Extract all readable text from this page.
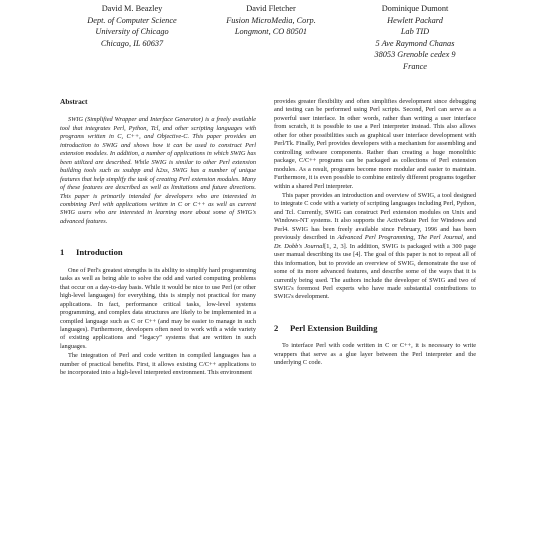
David M. Beazley
Dept. of Computer Science
University of Chicago
Chicago, IL 60637
David Fletcher
Fusion MicroMedia, Corp.
Longmont, CO 80501
Dominique Dumont
Hewlett Packard
Lab TID
5 Ave Raymond Chanas
38053 Grenoble cedex 9
France
Abstract

SWIG (Simplified Wrapper and Interface Generator) is a freely available tool that integrates Perl, Python, Tcl, and other scripting languages with programs written in C, C++, and Objective-C. This paper provides an introduction to SWIG and shows how it can be used to construct Perl extension modules. In addition, a number of applications in which SWIG has been utilized are described. While SWIG is similar to other Perl extension building tools such as xsubpp and h2xs, SWIG has a number of unique features that help simplify the task of creating Perl extension modules. Many of these features are described as well as limitations and future directions. This paper is primarily intended for developers who are interested in combining Perl with applications written in C or C++ as well as current SWIG users who are interested in learning more about some of SWIG's advanced features.

1 Introduction

One of Perl's greatest strengths is its ability to simplify hard programming tasks as well as being able to solve the odd and varied computing problems that occur on a day-to-day basis. While it would be nice to use Perl (or other high-level languages) for everything, this is simply not practical for many applications. In fact, performance critical tasks, low-level systems programming, and complex data structures are likely to be implemented in a compiled language such as C or C++ (and may be easier to manage in such languages). Furthermore, developers often need to work with a wide variety of existing applications and “legacy” systems that are written in such languages.

The integration of Perl and code written in compiled languages has a number of practical benefits. First, it allows existing C/C++ applications to be incorporated into a high-level interpreted environment. This environment

provides greater flexibility and often simplifies development since debugging and testing can be performed using Perl scripts. Second, Perl can serve as a powerful user interface. In other words, rather than writing a user interface from scratch, it is possible to use a Perl interpreter instead. This also allows other for other possibilities such as graphical user interface development with Perl/Tk. Finally, Perl provides developers with a mechanism for assembling and controlling software components. Rather than creating a huge monolithic package, C/C++ programs can be packaged as collections of Perl extension modules. As a result, programs become more modular and easier to maintain. Furthermore, it is even possible to combine entirely different programs together within a shared Perl interpreter.

This paper provides an introduction and overview of SWIG, a tool designed to integrate C code with a variety of scripting languages including Perl, Python, and Tcl. Currently, SWIG can construct Perl extension modules on Unix and Windows-NT systems. It also supports the ActiveState Perl for Windows and Perl4. SWIG has been freely available since February, 1996 and has been previously described in Advanced Perl Programming, The Perl Journal, and Dr. Dobb's Journal[1, 2, 3]. In addition, SWIG is packaged with a 300 page user manual describing its use [4]. The goal of this paper is not to repeat all of this information, but to provide an overview of SWIG, demonstrate the use of some of its more advanced features, and describe some of the ways that it is currently being used. The authors include the developer of SWIG and two of SWIG's foremost Perl experts who have made substantial contributions to SWIG's development.

2 Perl Extension Building

To interface Perl with code written in C or C++, it is necessary to write wrappers that serve as a glue layer between the Perl interpreter and the underlying C code.
